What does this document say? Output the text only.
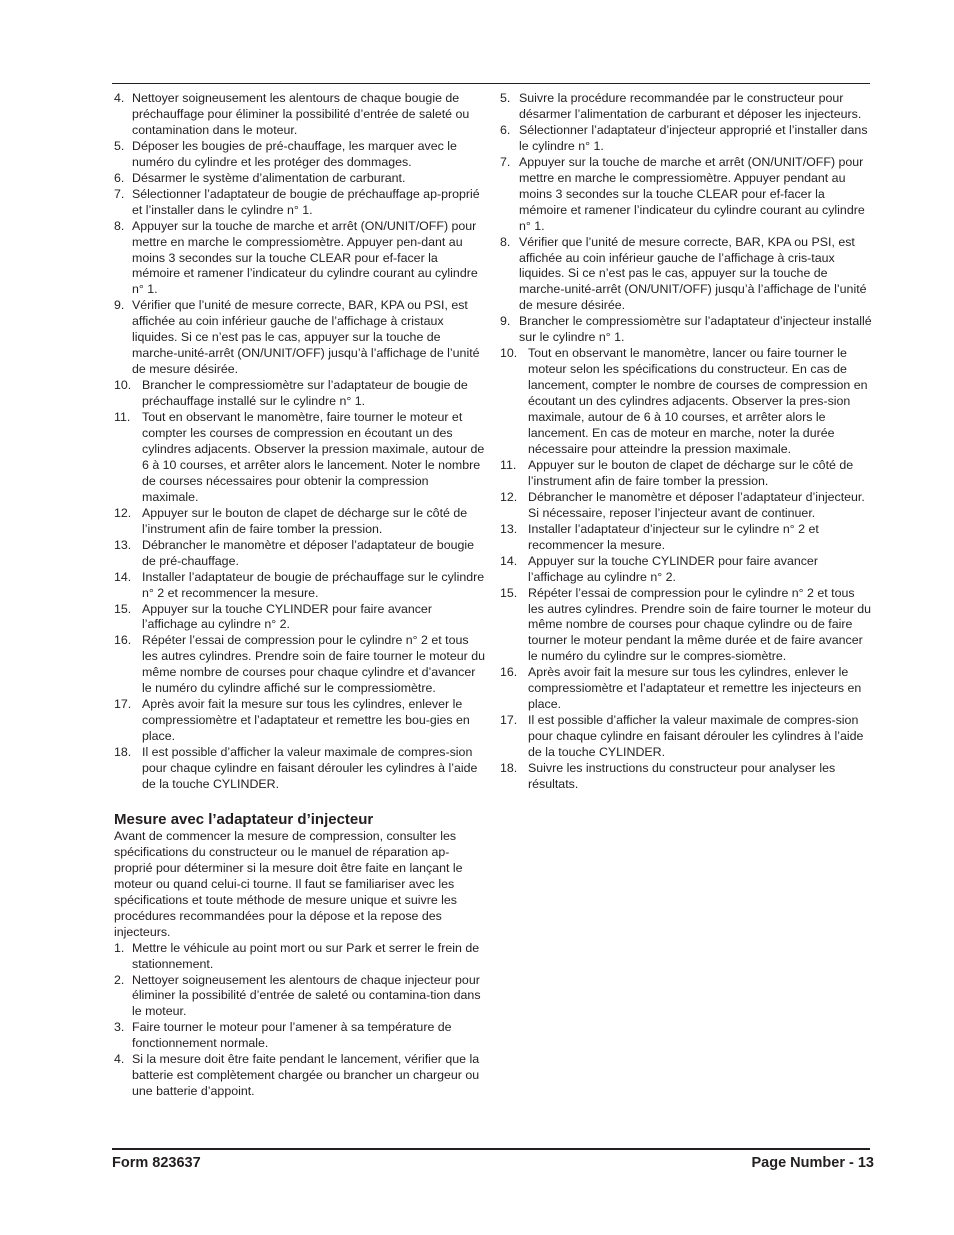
4. Nettoyer soigneusement les alentours de chaque bougie de préchauffage pour éliminer la possibilité d’entrée de saleté ou contamination dans le moteur.
5. Déposer les bougies de pré-chauffage, les marquer avec le numéro du cylindre et les protéger des dommages.
6. Désarmer le système d’alimentation de carburant.
7. Sélectionner l’adaptateur de bougie de préchauffage ap-proprié et l’installer dans le cylindre n° 1.
8. Appuyer sur la touche de marche et arrêt (ON/UNIT/OFF) pour mettre en marche le compressiomètre. Appuyer pen-dant au moins 3 secondes sur la touche CLEAR pour ef-facer la mémoire et ramener l’indicateur du cylindre courant au cylindre n° 1.
9. Vérifier que l’unité de mesure correcte, BAR, KPA ou PSI, est affichée au coin inférieur gauche de l’affichage à cristaux liquides. Si ce n’est pas le cas, appuyer sur la touche de marche-unité-arrêt (ON/UNIT/OFF) jusqu’à l’affichage de l’unité de mesure désirée.
10. Brancher le compressiomètre sur l’adaptateur de bougie de préchauffage installé sur le cylindre n° 1.
11. Tout en observant le manomètre, faire tourner le moteur et compter les courses de compression en écoutant un des cylindres adjacents. Observer la pression maximale, autour de 6 à 10 courses, et arrêter alors le lancement. Noter le nombre de courses nécessaires pour obtenir la compression maximale.
12. Appuyer sur le bouton de clapet de décharge sur le côté de l’instrument afin de faire tomber la pression.
13. Débrancher le manomètre et déposer l’adaptateur de bougie de pré-chauffage.
14. Installer l’adaptateur de bougie de préchauffage sur le cylindre n° 2 et recommencer la mesure.
15. Appuyer sur la touche CYLINDER pour faire avancer l’affichage au cylindre n° 2.
16. Répéter l’essai de compression pour le cylindre n° 2 et tous les autres cylindres. Prendre soin de faire tourner le moteur du même nombre de courses pour chaque cylindre et d’avancer le numéro du cylindre affiché sur le compressiomètre.
17. Après avoir fait la mesure sur tous les cylindres, enlever le compressiomètre et l’adaptateur et remettre les bou-gies en place.
18. Il est possible d’afficher la valeur maximale de compres-sion pour chaque cylindre en faisant dérouler les cylindres à l’aide de la touche CYLINDER.
Mesure avec l’adaptateur d’injecteur

Avant de commencer la mesure de compression, consulter les spécifications du constructeur ou le manuel de réparation ap-proprié pour déterminer si la mesure doit être faite en lançant le moteur ou quand celui-ci tourne. Il faut se familiariser avec les spécifications et toute méthode de mesure unique et suivre les procédures recommandées pour la dépose et la repose des injecteurs.

1. Mettre le véhicule au point mort ou sur Park et serrer le frein de stationnement.
2. Nettoyer soigneusement les alentours de chaque injecteur pour éliminer la possibilité d’entrée de saleté ou contamina-tion dans le moteur.
3. Faire tourner le moteur pour l’amener à sa température de fonctionnement normale.
4. Si la mesure doit être faite pendant le lancement, vérifier que la batterie est complètement chargée ou brancher un chargeur ou une batterie d’appoint.
5. Suivre la procédure recommandée par le constructeur pour désarmer l’alimentation de carburant et déposer les injecteurs.
6. Sélectionner l’adaptateur d’injecteur approprié et l’installer dans le cylindre n° 1.
7. Appuyer sur la touche de marche et arrêt (ON/UNIT/OFF) pour mettre en marche le compressiomètre. Appuyer pendant au moins 3 secondes sur la touche CLEAR pour ef-facer la mémoire et ramener l’indicateur du cylindre courant au cylindre n° 1.
8. Vérifier que l’unité de mesure correcte, BAR, KPA ou PSI, est affichée au coin inférieur gauche de l’affichage à cris-taux liquides. Si ce n’est pas le cas, appuyer sur la touche de marche-unité-arrêt (ON/UNIT/OFF) jusqu’à l’affichage de l’unité de mesure désirée.
9. Brancher le compressiomètre sur l’adaptateur d’injecteur installé sur le cylindre n° 1.
10. Tout en observant le manomètre, lancer ou faire tourner le moteur selon les spécifications du constructeur. En cas de lancement, compter le nombre de courses de compression en écoutant un des cylindres adjacents. Observer la pres-sion maximale, autour de 6 à 10 courses, et arrêter alors le lancement. En cas de moteur en marche, noter la durée nécessaire pour atteindre la pression maximale.
11. Appuyer sur le bouton de clapet de décharge sur le côté de l’instrument afin de faire tomber la pression.
12. Débrancher le manomètre et déposer l’adaptateur d’injecteur. Si nécessaire, reposer l’injecteur avant de continuer.
13. Installer l’adaptateur d’injecteur sur le cylindre n° 2 et recommencer la mesure.
14. Appuyer sur la touche CYLINDER pour faire avancer l’affichage au cylindre n° 2.
15. Répéter l’essai de compression pour le cylindre n° 2 et tous les autres cylindres. Prendre soin de faire tourner le moteur du même nombre de courses pour chaque cylindre ou de faire tourner le moteur pendant la même durée et de faire avancer le numéro du cylindre sur le compres-siomètre.
16. Après avoir fait la mesure sur tous les cylindres, enlever le compressiomètre et l’adaptateur et remettre les injecteurs en place.
17. Il est possible d’afficher la valeur maximale de compres-sion pour chaque cylindre en faisant dérouler les cylindres à l’aide de la touche CYLINDER.
18. Suivre les instructions du constructeur pour analyser les résultats.
Form 823637	Page Number - 13
